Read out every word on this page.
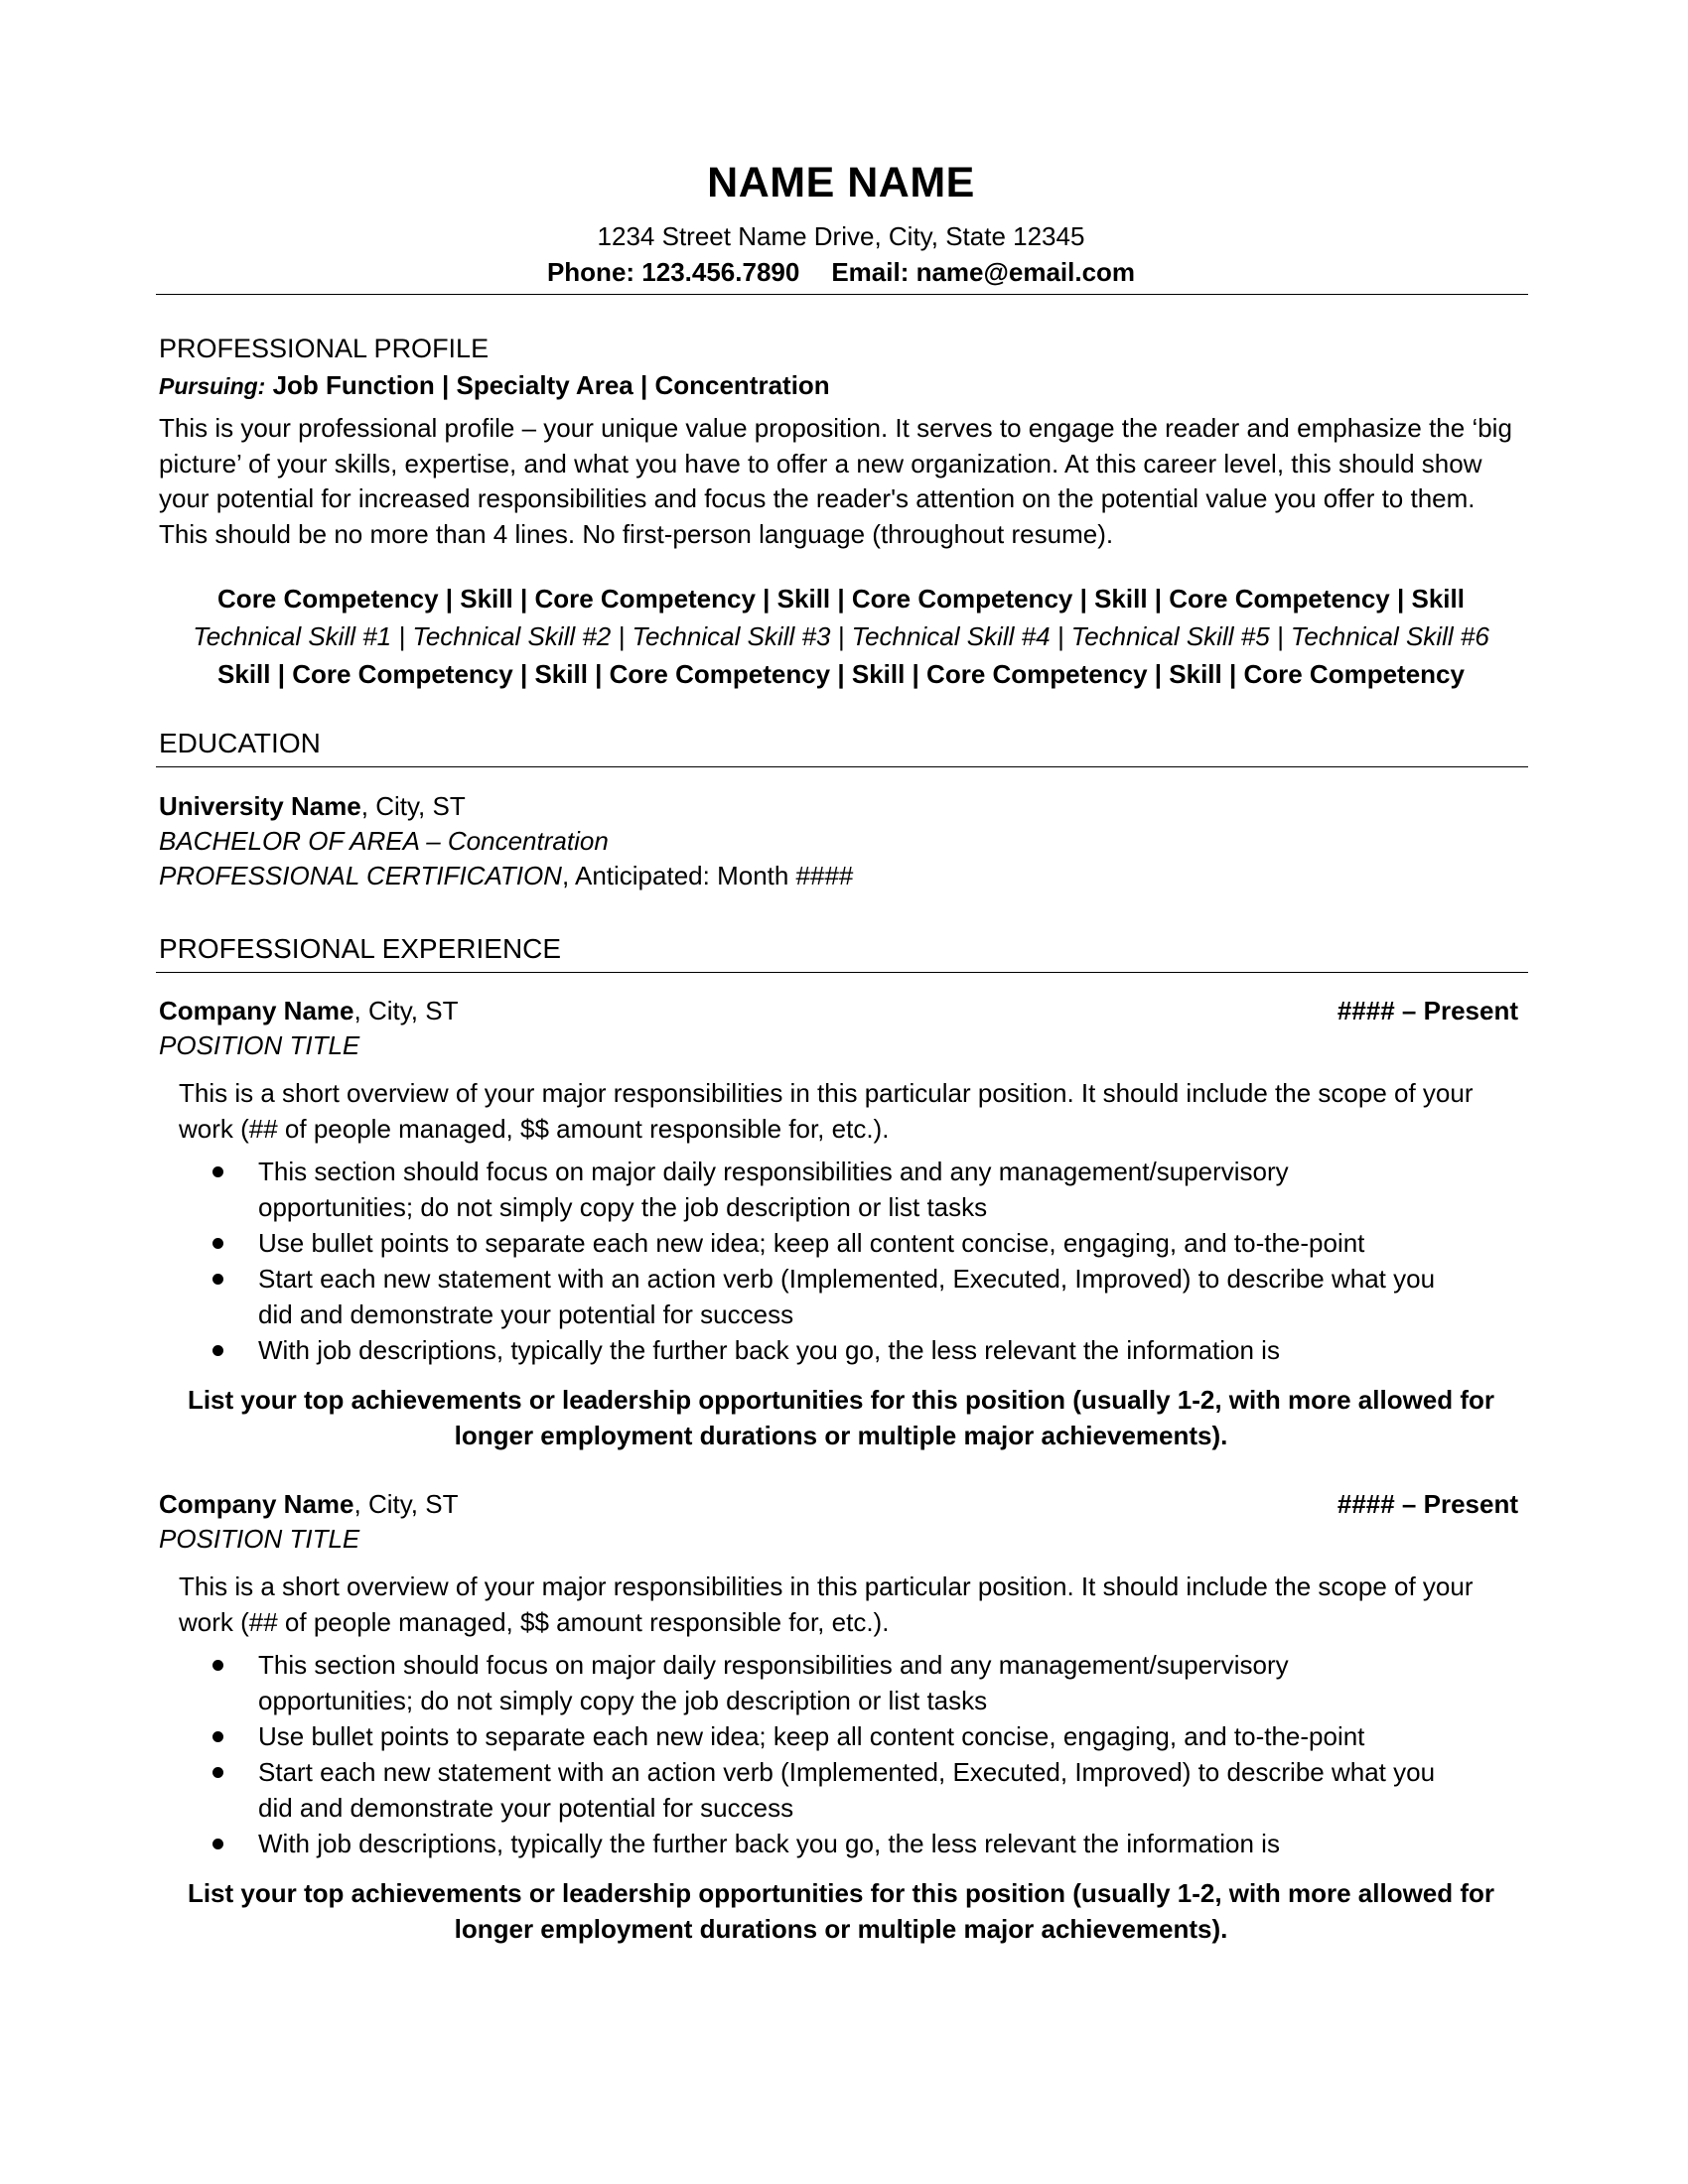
NAME NAME
1234 Street Name Drive, City, State 12345
Phone: 123.456.7890 Email: name@email.com
PROFESSIONAL PROFILE
Pursuing: Job Function | Specialty Area | Concentration
This is your professional profile – your unique value proposition. It serves to engage the reader and emphasize the ‘big picture’ of your skills, expertise, and what you have to offer a new organization. At this career level, this should show your potential for increased responsibilities and focus the reader's attention on the potential value you offer to them. This should be no more than 4 lines. No first-person language (throughout resume).
Core Competency | Skill | Core Competency | Skill | Core Competency | Skill | Core Competency | Skill
Technical Skill #1 | Technical Skill #2 | Technical Skill #3 | Technical Skill #4 | Technical Skill #5 | Technical Skill #6
Skill | Core Competency | Skill | Core Competency | Skill | Core Competency | Skill | Core Competency
EDUCATION
University Name, City, ST
BACHELOR OF AREA – Concentration
PROFESSIONAL CERTIFICATION, Anticipated: Month ####
PROFESSIONAL EXPERIENCE
Company Name, City, ST	#### – Present
POSITION TITLE
This is a short overview of your major responsibilities in this particular position. It should include the scope of your work (## of people managed, $$ amount responsible for, etc.).
This section should focus on major daily responsibilities and any management/supervisory opportunities; do not simply copy the job description or list tasks
Use bullet points to separate each new idea; keep all content concise, engaging, and to-the-point
Start each new statement with an action verb (Implemented, Executed, Improved) to describe what you did and demonstrate your potential for success
With job descriptions, typically the further back you go, the less relevant the information is
List your top achievements or leadership opportunities for this position (usually 1-2, with more allowed for
longer employment durations or multiple major achievements).
Company Name, City, ST	#### – Present
POSITION TITLE
This is a short overview of your major responsibilities in this particular position. It should include the scope of your work (## of people managed, $$ amount responsible for, etc.).
This section should focus on major daily responsibilities and any management/supervisory opportunities; do not simply copy the job description or list tasks
Use bullet points to separate each new idea; keep all content concise, engaging, and to-the-point
Start each new statement with an action verb (Implemented, Executed, Improved) to describe what you did and demonstrate your potential for success
With job descriptions, typically the further back you go, the less relevant the information is
List your top achievements or leadership opportunities for this position (usually 1-2, with more allowed for
longer employment durations or multiple major achievements).
